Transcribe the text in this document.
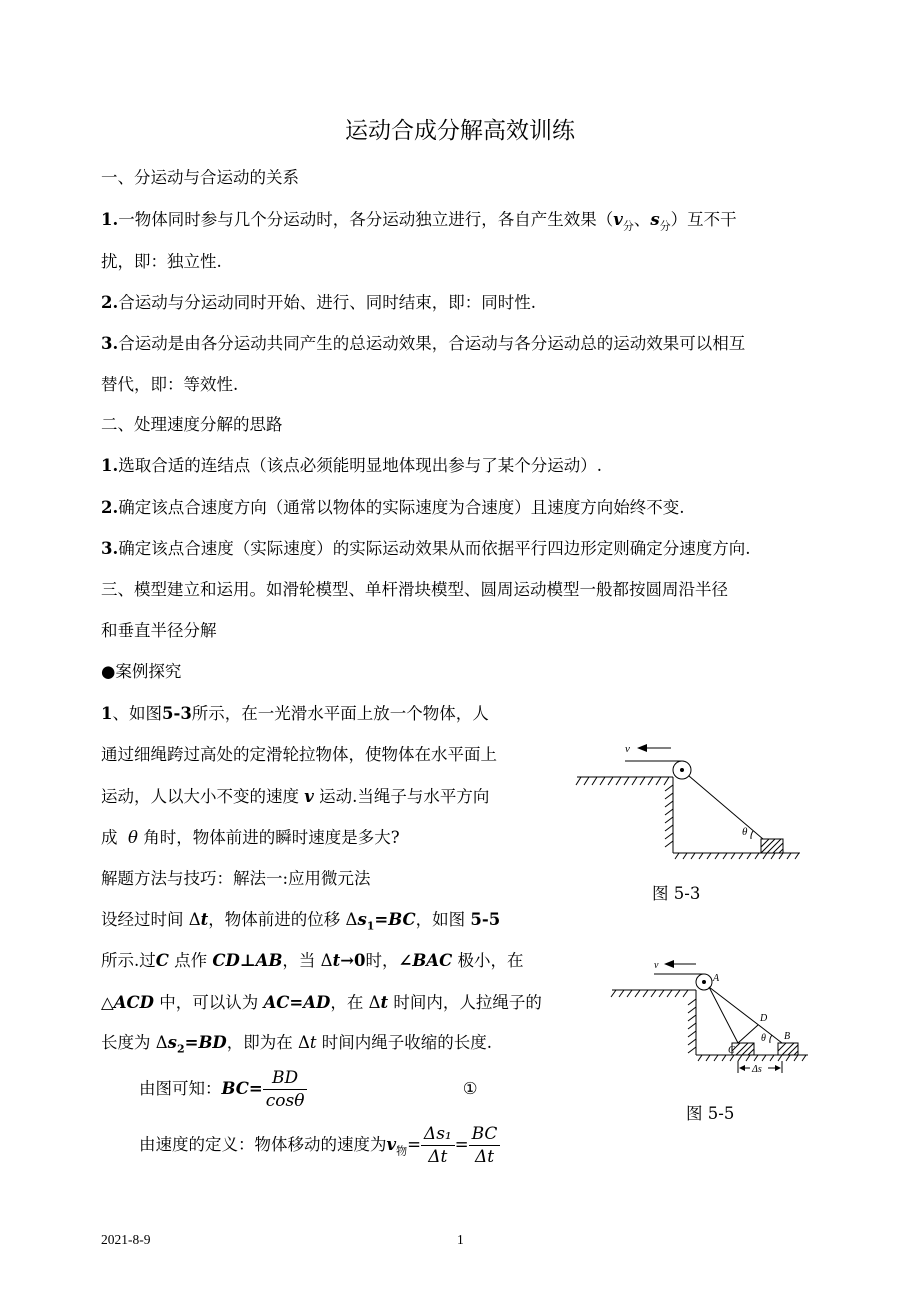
运动合成分解高效训练
一、分运动与合运动的关系
1.一物体同时参与几个分运动时，各分运动独立进行，各自产生效果（$v_分$、$s_分$）互不干
扰，即：独立性.
2.合运动与分运动同时开始、进行、同时结束，即：同时性.
3.合运动是由各分运动共同产生的总运动效果，合运动与各分运动总的运动效果可以相互
替代，即：等效性.
二、处理速度分解的思路
1.选取合适的连结点（该点必须能明显地体现出参与了某个分运动）.
2.确定该点合速度方向（通常以物体的实际速度为合速度）且速度方向始终不变.
3.确定该点合速度（实际速度）的实际运动效果从而依据平行四边形定则确定分速度方向.
三、模型建立和运用。如滑轮模型、单杆滑块模型、圆周运动模型一般都按圆周沿半径
和垂直半径分解
●案例探究
1、如图5-3所示，在一光滑水平面上放一个物体，人
通过细绳跨过高处的定滑轮拉物体，使物体在水平面上
运动，人以大小不变的速度 v 运动.当绳子与水平方向
成 θ 角时，物体前进的瞬时速度是多大?
解题方法与技巧：解法一:应用微元法
设经过时间 Δt，物体前进的位移 $\Delta s_1=BC$，如图 5-5
所示.过C 点作 CD⊥AB，当 Δt→0时，∠BAC 极小，在
△ACD 中，可以认为 AC=AD，在 Δt 时间内，人拉绳子的
长度为 $\Delta s_2=BD$，即为在 Δt 时间内绳子收缩的长度.
由图可知：$BC= \frac{BD}{\cos\theta}$	①
由速度的定义：物体移动的速度为$v_物= \frac{\text{Δs₁}}{\Delta t} = \frac{BC}{\Delta t}$
v
θ
图 5-3
v
A
D
B
C
θ
Δs
图 5-5
2021-8-9	1
